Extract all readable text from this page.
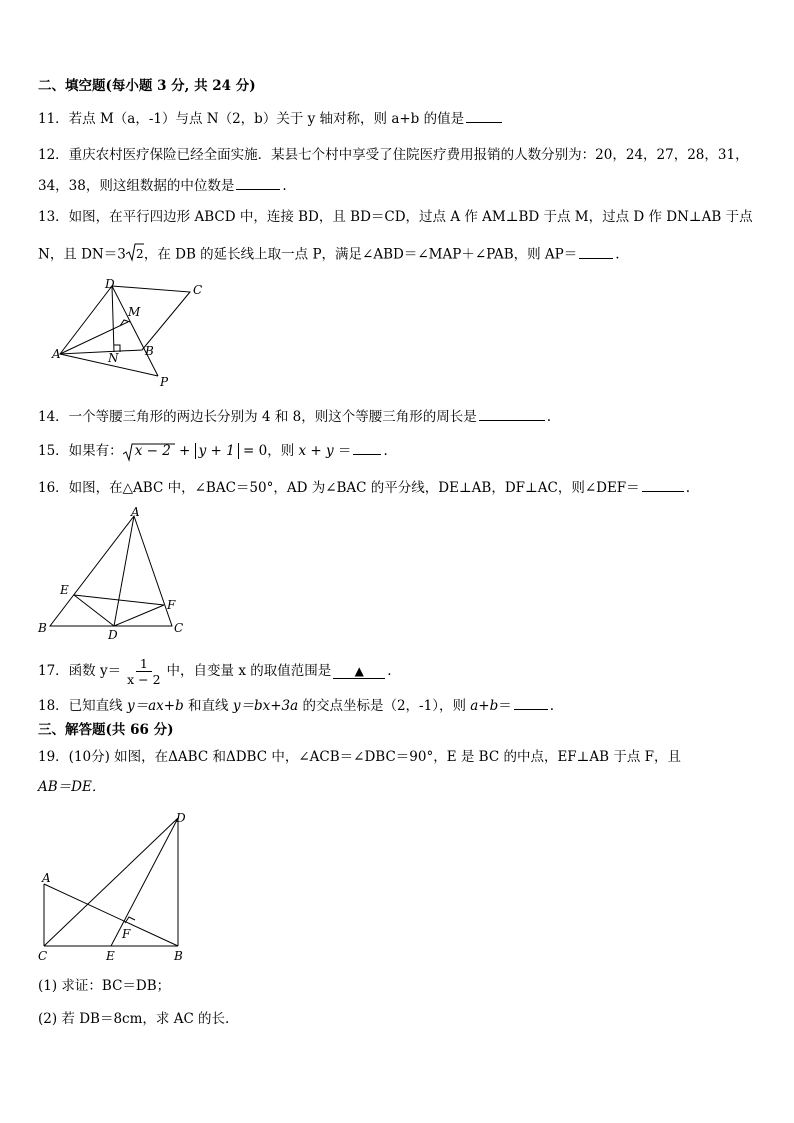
二、填空题(每小题 3 分, 共 24 分)
11．若点 M（a，-1）与点 N（2，b）关于 y 轴对称，则 a+b 的值是
12．重庆农村医疗保险已经全面实施．某县七个村中享受了住院医疗费用报销的人数分别为：20，24，27，28，31，
34，38，则这组数据的中位数是	.
13．如图，在平行四边形 ABCD 中，连接 BD，且 BD＝CD，过点 A 作 AM⊥BD 于点 M，过点 D 作 DN⊥AB 于点
N，且 DN＝3 2 ，在 DB 的延长线上取一点 P，满足∠ABD＝∠MAP＋∠PAB，则 AP＝	.
A	B
C
D
M
N
P
14．一个等腰三角形的两边长分别为 4 和 8，则这个等腰三角形的周长是	.
15．如果有： x − 2 + y + 1 = 0，则 x + y ＝ .
16．如图，在△ABC 中，∠BAC＝50°，AD 为∠BAC 的平分线，DE⊥AB，DF⊥AC，则∠DEF＝	.
A
B	C
D
E
F
17．函数 $y= \frac{1}{x - 2}$ 中，自变量 x 的取值范围是 ▲ .
18．已知直线 y＝ax+b 和直线 y＝bx+3a 的交点坐标是（2，-1），则 a+b＝	.
三、解答题(共 66 分)
19．(10分) 如图，在ΔABC 和ΔDBC 中，∠ACB＝∠DBC＝90°，E 是 BC 的中点，EF⊥AB 于点 F，且
AB＝DE．
A
B
C
D
E
F
(1) 求证：BC＝DB；
(2) 若 DB＝8cm，求 AC 的长.
